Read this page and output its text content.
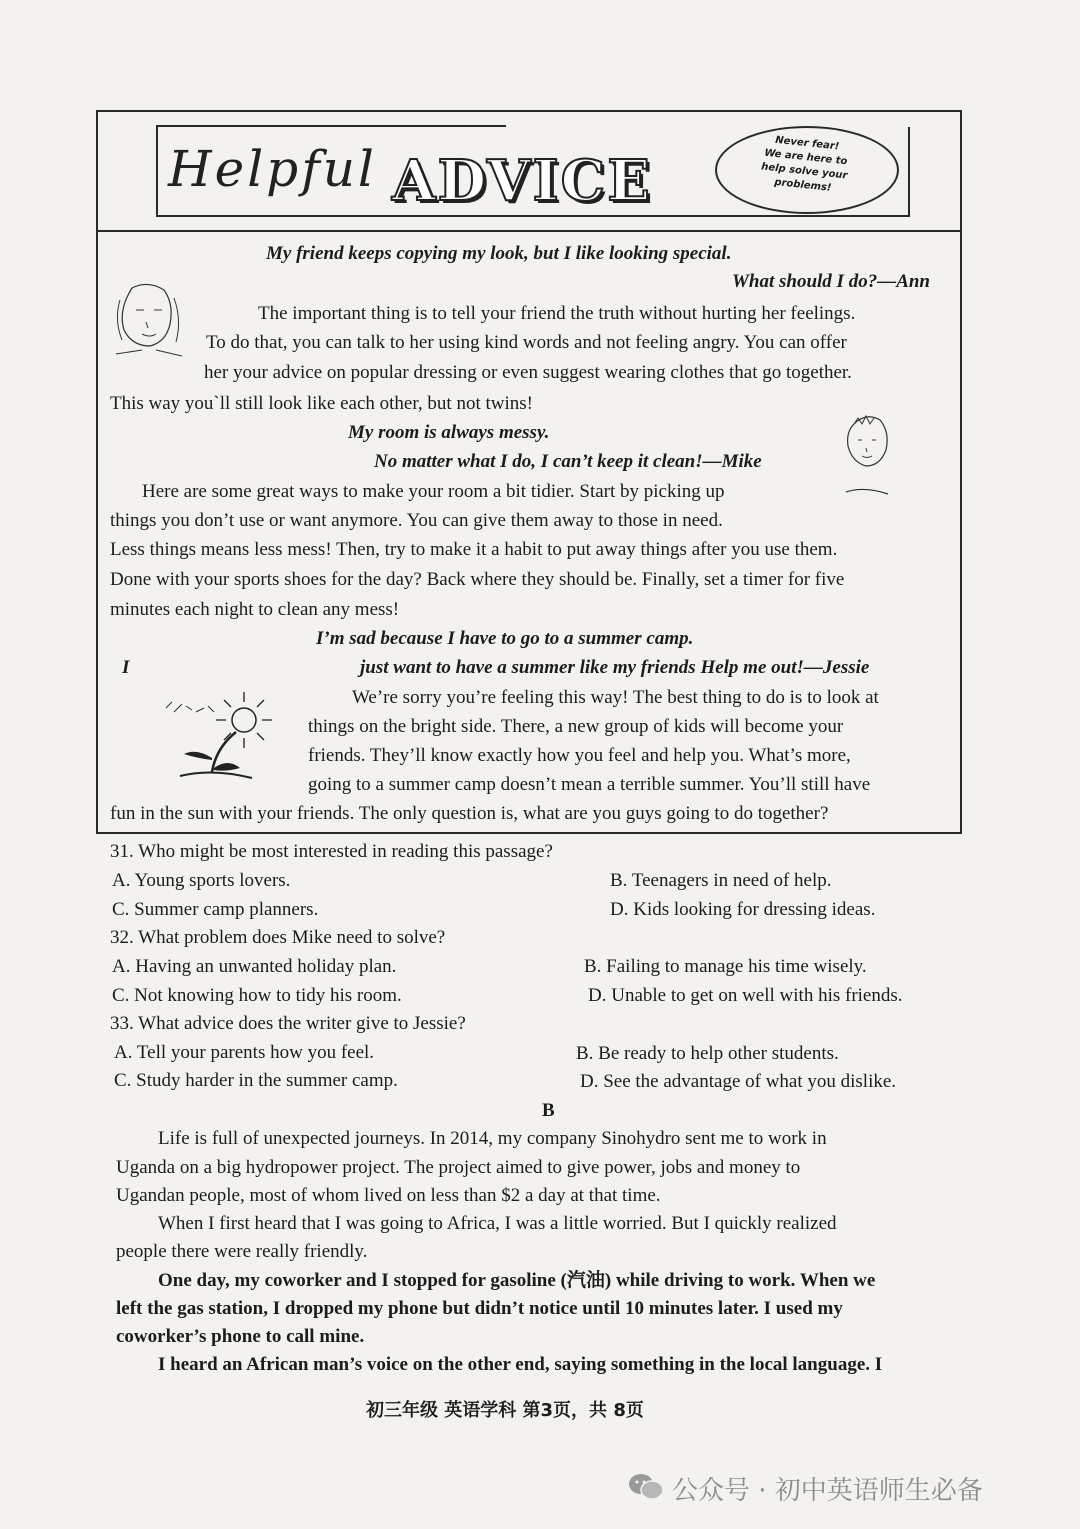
Helpful ADVICE
Never fear!
We are here to
help solve your
problems!
My friend keeps copying my look, but I like looking special.
What should I do?—Ann
The important thing is to tell your friend the truth without hurting her feelings.
To do that, you can talk to her using kind words and not feeling angry. You can offer
her your advice on popular dressing or even suggest wearing clothes that go together.
This way you`ll still look like each other, but not twins!
My room is always messy.
No matter what I do, I can’t keep it clean!—Mike
Here are some great ways to make your room a bit tidier. Start by picking up
things you don’t use or want anymore. You can give them away to those in need.
Less things means less mess! Then, try to make it a habit to put away things after you use them.
Done with your sports shoes for the day? Back where they should be. Finally, set a timer for five
minutes each night to clean any mess!
I’m sad because I have to go to a summer camp.
I	just want to have a summer like my friends Help me out!—Jessie
We’re sorry you’re feeling this way! The best thing to do is to look at
things on the bright side. There, a new group of kids will become your
friends. They’ll know exactly how you feel and help you. What’s more,
going to a summer camp doesn’t mean a terrible summer. You’ll still have
fun in the sun with your friends. The only question is, what are you guys going to do together?
31. Who might be most interested in reading this passage?
A. Young sports lovers.	B. Teenagers in need of help.
C. Summer camp planners.	D. Kids looking for dressing ideas.
32. What problem does Mike need to solve?
A. Having an unwanted holiday plan.	B. Failing to manage his time wisely.
C. Not knowing how to tidy his room.	D. Unable to get on well with his friends.
33. What advice does the writer give to Jessie?
A. Tell your parents how you feel.	B. Be ready to help other students.
C. Study harder in the summer camp.	D. See the advantage of what you dislike.
B
Life is full of unexpected journeys. In 2014, my company Sinohydro sent me to work in
Uganda on a big hydropower project. The project aimed to give power, jobs and money to
Ugandan people, most of whom lived on less than $2 a day at that time.
When I first heard that I was going to Africa, I was a little worried. But I quickly realized
people there were really friendly.
One day, my coworker and I stopped for gasoline (汽油) while driving to work. When we
left the gas station, I dropped my phone but didn’t notice until 10 minutes later. I used my
coworker’s phone to call mine.
I heard an African man’s voice on the other end, saying something in the local language. I
初三年级 英语学科 第3页，共 8页
公众号 · 初中英语师生必备
